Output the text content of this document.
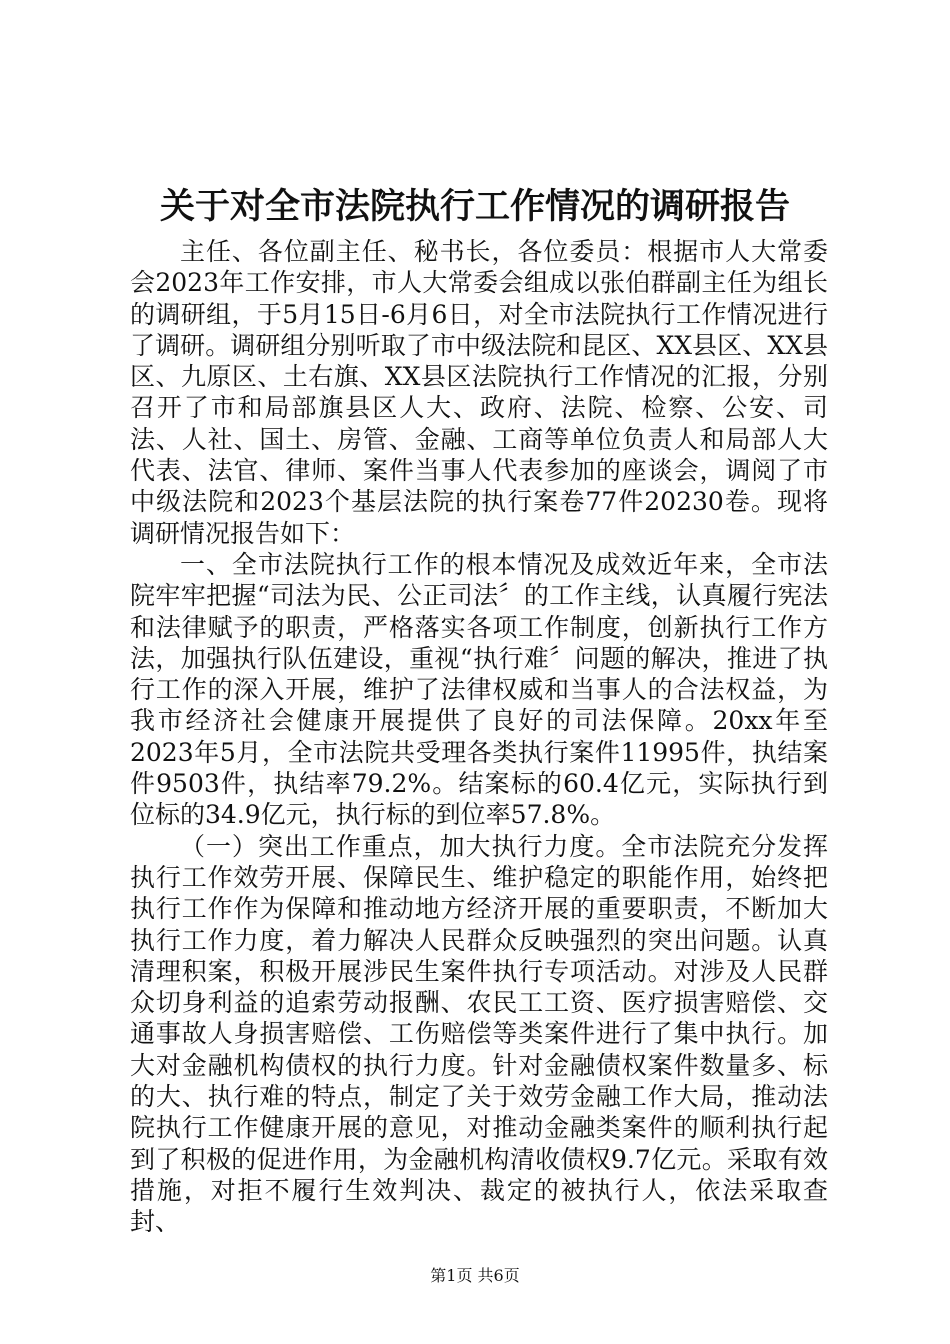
关于对全市法院执行工作情况的调研报告

主任、各位副主任、秘书长，各位委员：根据市人大常委会2023年工作安排，市人大常委会组成以张伯群副主任为组长的调研组，于5月15日-6月6日，对全市法院执行工作情况进行了调研。调研组分别听取了市中级法院和昆区、XX县区、XX县区、九原区、土右旗、XX县区法院执行工作情况的汇报，分别召开了市和局部旗县区人大、政府、法院、检察、公安、司法、人社、国土、房管、金融、工商等单位负责人和局部人大代表、法官、律师、案件当事人代表参加的座谈会，调阅了市中级法院和2023个基层法院的执行案卷77件20230卷。现将调研情况报告如下：

一、全市法院执行工作的根本情况及成效近年来，全市法院牢牢把握“司法为民、公正司法〞的工作主线，认真履行宪法和法律赋予的职责，严格落实各项工作制度，创新执行工作方法，加强执行队伍建设，重视“执行难〞问题的解决，推进了执行工作的深入开展，维护了法律权威和当事人的合法权益，为我市经济社会健康开展提供了良好的司法保障。20xx年至2023年5月，全市法院共受理各类执行案件11995件，执结案件9503件，执结率79.2%。结案标的60.4亿元，实际执行到位标的34.9亿元，执行标的到位率57.8%。

（一）突出工作重点，加大执行力度。全市法院充分发挥执行工作效劳开展、保障民生、维护稳定的职能作用，始终把执行工作作为保障和推动地方经济开展的重要职责，不断加大执行工作力度，着力解决人民群众反映强烈的突出问题。认真清理积案，积极开展涉民生案件执行专项活动。对涉及人民群众切身利益的追索劳动报酬、农民工工资、医疗损害赔偿、交通事故人身损害赔偿、工伤赔偿等类案件进行了集中执行。加大对金融机构债权的执行力度。针对金融债权案件数量多、标的大、执行难的特点，制定了关于效劳金融工作大局，推动法院执行工作健康开展的意见，对推动金融类案件的顺利执行起到了积极的促进作用，为金融机构清收债权9.7亿元。采取有效措施，对拒不履行生效判决、裁定的被执行人，依法采取查封、

第1页 共6页
